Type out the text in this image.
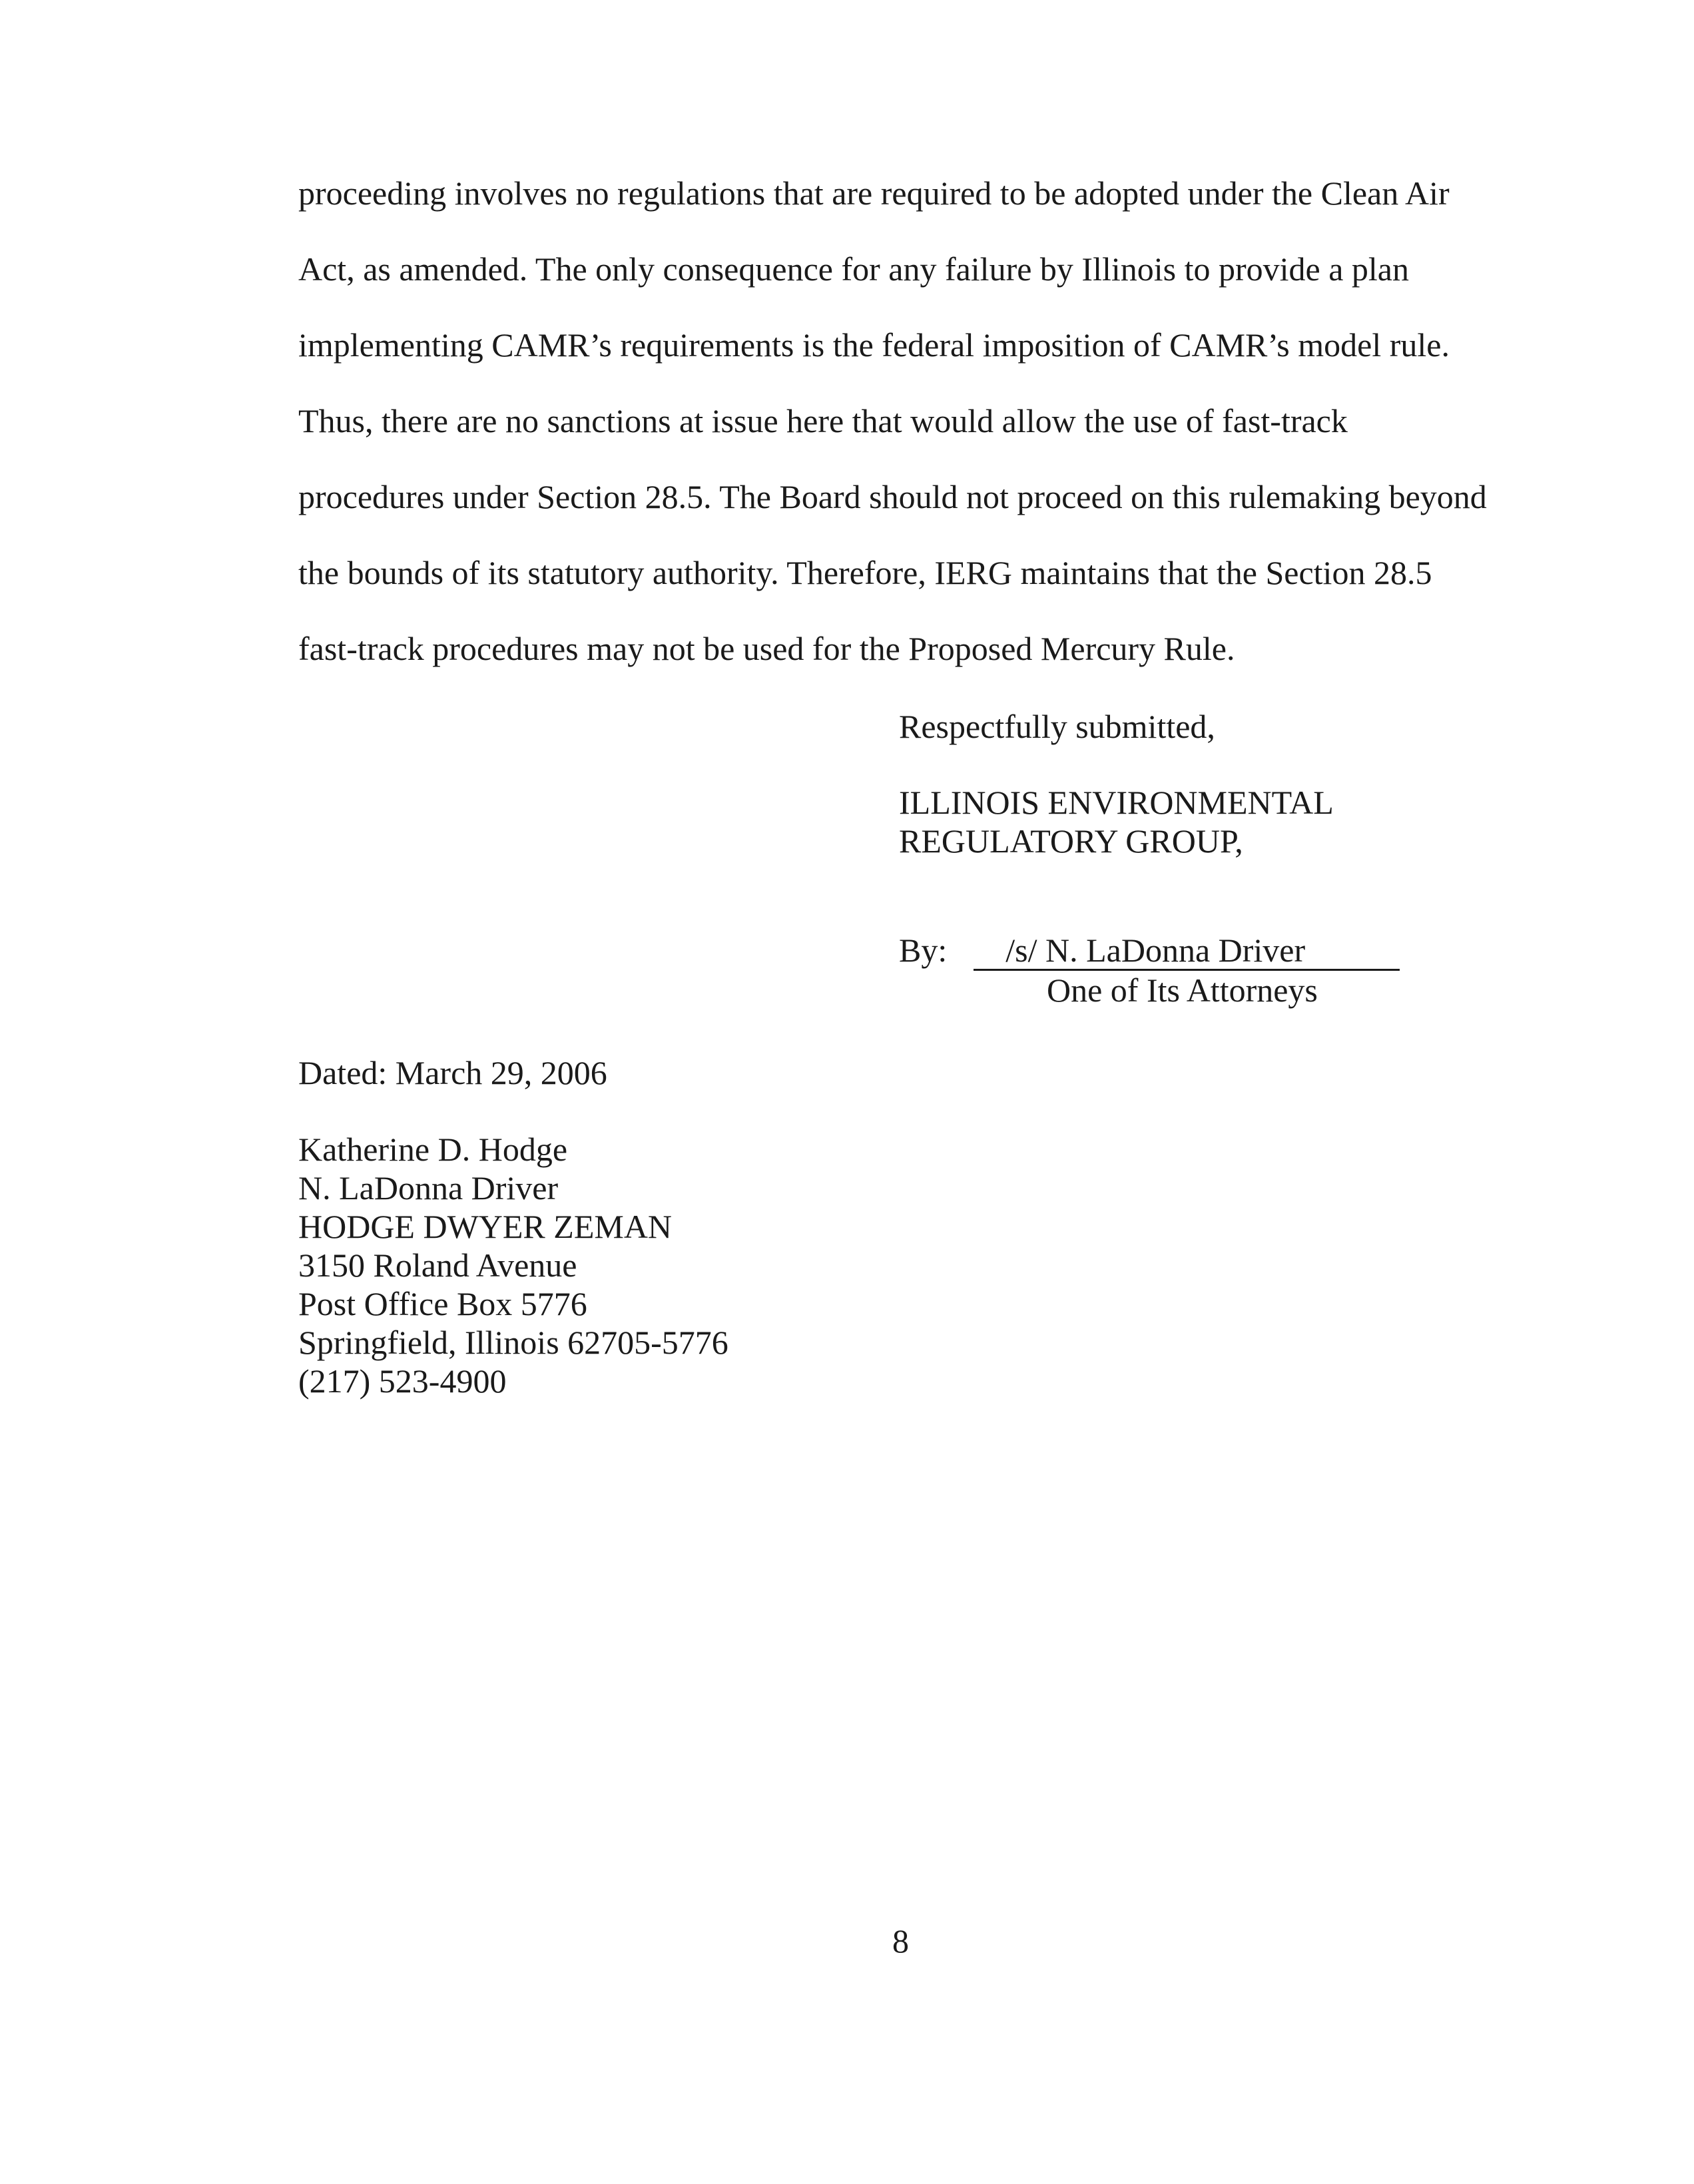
proceeding involves no regulations that are required to be adopted under the Clean Air
Act, as amended. The only consequence for any failure by Illinois to provide a plan
implementing CAMR’s requirements is the federal imposition of CAMR’s model rule.
Thus, there are no sanctions at issue here that would allow the use of fast-track
procedures under Section 28.5. The Board should not proceed on this rulemaking beyond
the bounds of its statutory authority. Therefore, IERG maintains that the Section 28.5
fast-track procedures may not be used for the Proposed Mercury Rule.
Respectfully submitted,
ILLINOIS ENVIRONMENTAL
REGULATORY GROUP,
By: /s/ N. LaDonna Driver
One of Its Attorneys
Dated: March 29, 2006
Katherine D. Hodge
N. LaDonna Driver
HODGE DWYER ZEMAN
3150 Roland Avenue
Post Office Box 5776
Springfield, Illinois 62705-5776
(217) 523-4900
8
